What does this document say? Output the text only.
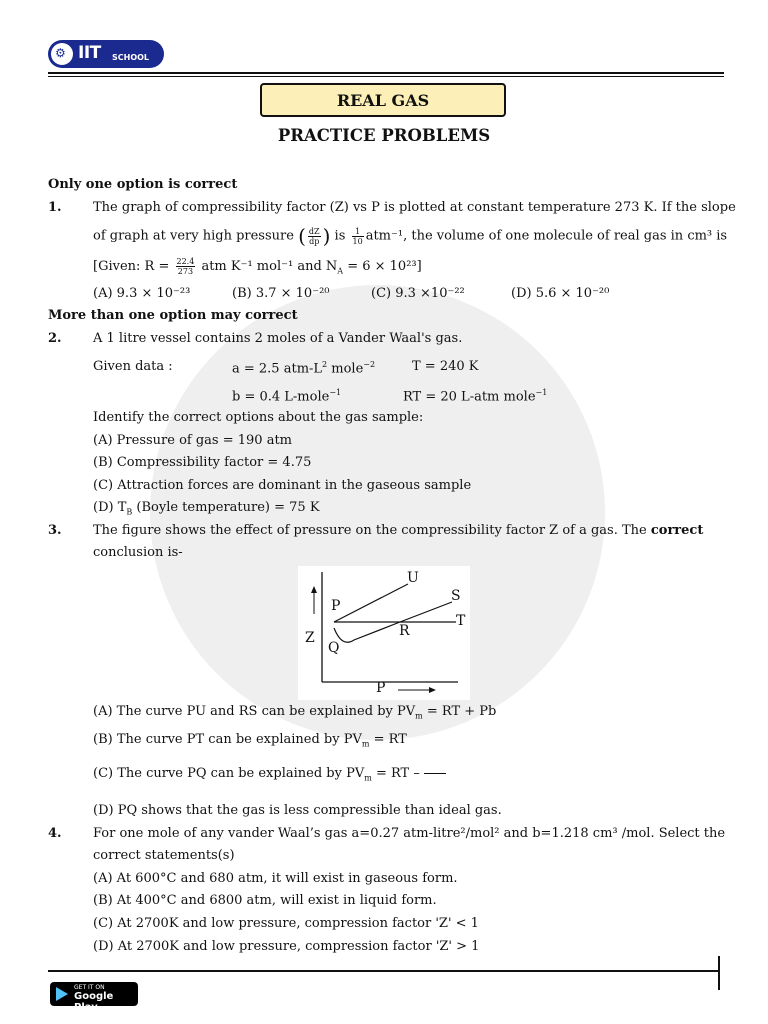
⚙ IIT SCHOOL
REAL GAS
PRACTICE PROBLEMS
Only one option is correct
1. The graph of compressibility factor (Z) vs P is plotted at constant temperature 273 K. If the slope
of graph at very high pressure ( $\frac{dZ}{dp}$ ) is $\frac{1}{10} atm^{-1}$, the volume of one molecule of real gas in cm³ is
[Given: $R = \frac{22.4}{273}$ atm K⁻¹ mol⁻¹ and $N_A = 6 \times 10^{23}$]
(A) 9.3 × 10⁻²³	(B) 3.7 × 10⁻²⁰	(C) 9.3 ×10⁻²²	(D) 5.6 × 10⁻²⁰
More than one option may correct
2. A 1 litre vessel contains 2 moles of a Vander Waal's gas.
Given data :	a = 2.5 atm-$L^2$ mole$^{-2}$	T = 240 K
b = 0.4 L-mole$^{-1}$	RT = 20 L-atm mole$^{-1}$
Identify the correct options about the gas sample:
(A) Pressure of gas = 190 atm
(B) Compressibility factor = 4.75
(C) Attraction forces are dominant in the gaseous sample
(D) $T_B$ (Boyle temperature) = 75 K
3. The figure shows the effect of pressure on the compressibility factor Z of a gas. The correct
conclusion is-
U
S
P
T
Z	R
Q
P
(A) The curve PU and RS can be explained by $PV_m$ = RT + Pb
(B) The curve PT can be explained by $PV_m$ = RT
(C) The curve PQ can be explained by $PV_m$ = RT –
(D) PQ shows that the gas is less compressible than ideal gas.
4. For one mole of any vander Waal’s gas a=0.27 atm-litre²/mol² and b=1.218 cm³ /mol. Select the
correct statements(s)
(A) At 600°C and 680 atm, it will exist in gaseous form.
(B) At 400°C and 6800 atm, will exist in liquid form.
(C) At 2700K and low pressure, compression factor 'Z' < 1
(D) At 2700K and low pressure, compression factor 'Z' > 1
GET IT ON
Google Play
